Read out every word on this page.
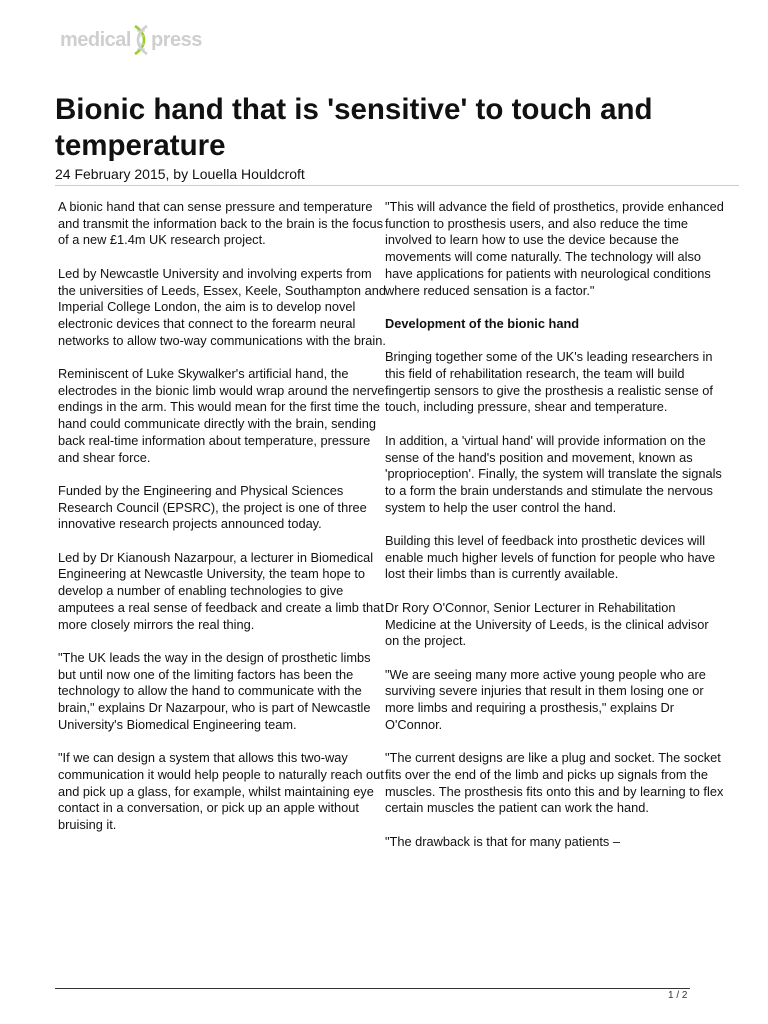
medical press
Bionic hand that is 'sensitive' to touch and temperature
24 February 2015, by Louella Houldcroft

A bionic hand that can sense pressure and temperature and transmit the information back to the brain is the focus of a new £1.4m UK research project.

Led by Newcastle University and involving experts from the universities of Leeds, Essex, Keele, Southampton and Imperial College London, the aim is to develop novel electronic devices that connect to the forearm neural networks to allow two-way communications with the brain.

Reminiscent of Luke Skywalker's artificial hand, the electrodes in the bionic limb would wrap around the nerve endings in the arm. This would mean for the first time the hand could communicate directly with the brain, sending back real-time information about temperature, pressure and shear force.

Funded by the Engineering and Physical Sciences Research Council (EPSRC), the project is one of three innovative research projects announced today.

Led by Dr Kianoush Nazarpour, a lecturer in Biomedical Engineering at Newcastle University, the team hope to develop a number of enabling technologies to give amputees a real sense of feedback and create a limb that more closely mirrors the real thing.

"The UK leads the way in the design of prosthetic limbs but until now one of the limiting factors has been the technology to allow the hand to communicate with the brain," explains Dr Nazarpour, who is part of Newcastle University's Biomedical Engineering team.

"If we can design a system that allows this two-way communication it would help people to naturally reach out and pick up a glass, for example, whilst maintaining eye contact in a conversation, or pick up an apple without bruising it.

"This will advance the field of prosthetics, provide enhanced function to prosthesis users, and also reduce the time involved to learn how to use the device because the movements will come naturally. The technology will also have applications for patients with neurological conditions where reduced sensation is a factor."

Development of the bionic hand

Bringing together some of the UK's leading researchers in this field of rehabilitation research, the team will build fingertip sensors to give the prosthesis a realistic sense of touch, including pressure, shear and temperature.

In addition, a 'virtual hand' will provide information on the sense of the hand's position and movement, known as 'proprioception'. Finally, the system will translate the signals to a form the brain understands and stimulate the nervous system to help the user control the hand.

Building this level of feedback into prosthetic devices will enable much higher levels of function for people who have lost their limbs than is currently available.

Dr Rory O'Connor, Senior Lecturer in Rehabilitation Medicine at the University of Leeds, is the clinical advisor on the project.

"We are seeing many more active young people who are surviving severe injuries that result in them losing one or more limbs and requiring a prosthesis," explains Dr O'Connor.

"The current designs are like a plug and socket. The socket fits over the end of the limb and picks up signals from the muscles. The prosthesis fits onto this and by learning to flex certain muscles the patient can work the hand.

"The drawback is that for many patients –

1 / 2
